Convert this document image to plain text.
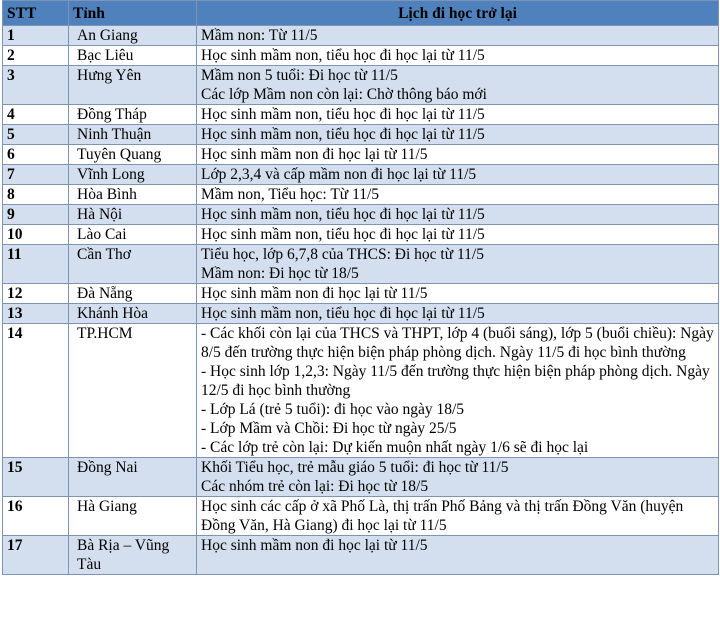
STT	Tỉnh	Lịch đi học trở lại
1	An Giang	Mầm non: Từ 11/5

2	Bạc Liêu	Học sinh mầm non, tiểu học đi học lại từ 11/5

3	Hưng Yên	Mầm non 5 tuổi: Đi học từ 11/5
Các lớp Mầm non còn lại: Chờ thông báo mới

4	Đồng Tháp	Học sinh mầm non, tiểu học đi học lại từ 11/5

5	Ninh Thuận	Học sinh mầm non, tiểu học đi học lại từ 11/5

6	Tuyên Quang	Học sinh mầm non đi học lại từ 11/5

7	Vĩnh Long	Lớp 2,3,4 và cấp mầm non đi học lại từ 11/5

8	Hòa Bình	Mầm non, Tiểu học: Từ 11/5

9	Hà Nội	Học sinh mầm non, tiểu học đi học lại từ 11/5

10	Lào Cai	Học sinh mầm non, tiểu học đi học lại từ 11/5

11	Cần Thơ	Tiểu học, lớp 6,7,8 của THCS: Đi học từ 11/5
Mầm non: Đi học từ 18/5

12	Đà Nẵng	Học sinh mầm non đi học lại từ 11/5

13	Khánh Hòa	Học sinh mầm non, tiểu học đi học lại từ 11/5

14	TP.HCM	- Các khối còn lại của THCS và THPT, lớp 4 (buổi sáng), lớp 5 (buổi chiều): Ngày 8/5 đến trường thực hiện biện pháp phòng dịch. Ngày 11/5 đi học bình thường
- Học sinh lớp 1,2,3: Ngày 11/5 đến trường thực hiện biện pháp phòng dịch. Ngày 12/5 đi học bình thường
- Lớp Lá (trẻ 5 tuổi): đi học vào ngày 18/5
- Lớp Mầm và Chồi: Đi học từ ngày 25/5
- Các lớp trẻ còn lại: Dự kiến muộn nhất ngày 1/6 sẽ đi học lại

15	Đồng Nai	Khối Tiểu học, trẻ mẫu giáo 5 tuổi: đi học từ 11/5
Các nhóm trẻ còn lại: Đi học từ 18/5

16	Hà Giang	Học sinh các cấp ở xã Phố Là, thị trấn Phố Bảng và thị trấn Đồng Văn (huyện Đồng Văn, Hà Giang) đi học lại từ 11/5

17	Bà Rịa – Vũng Tàu	Học sinh mầm non đi học lại từ 11/5
